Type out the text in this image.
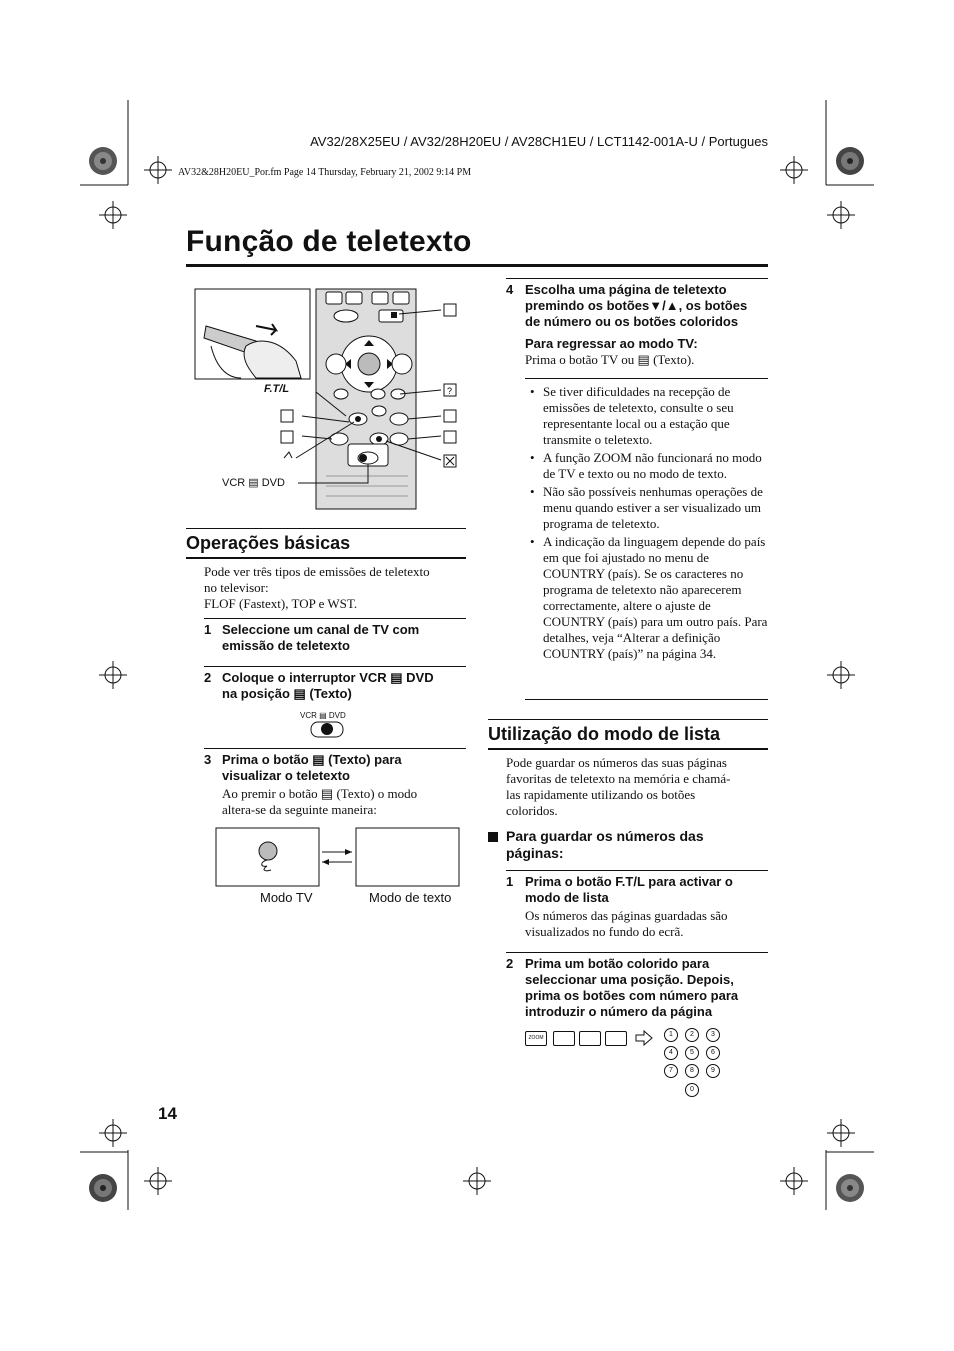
AV32/28X25EU / AV32/28H20EU / AV28CH1EU / LCT1142-001A-U / Portugues
AV32&28H20EU_Por.fm Page 14 Thursday, February 21, 2002 9:14 PM
Função de teletexto
?
F.T/L
VCR ▤ DVD
Operações básicas
Pode ver três tipos de emissões de teletexto
no televisor:
FLOF (Fastext), TOP e WST.
1 Seleccione um canal de TV com
emissão de teletexto
2 Coloque o interruptor VCR ▤ DVD
na posição ▤ (Texto)
VCR ▤ DVD
3 Prima o botão ▤ (Texto) para
visualizar o teletexto
Ao premir o botão ▤ (Texto) o modo
altera-se da seguinte maneira:
Modo TV	Modo de texto
4 Escolha uma página de teletexto
premindo os botões▼/▲, os botões
de número ou os botões coloridos
Para regressar ao modo TV:
Prima o botão TV ou ▤ (Texto).
• Se tiver dificuldades na recepção de emissões de teletexto, consulte o seu representante local ou a estação que transmite o teletexto.
• A função ZOOM não funcionará no modo de TV e texto ou no modo de texto.
• Não são possíveis nenhumas operações de menu quando estiver a ser visualizado um programa de teletexto.
• A indicação da linguagem depende do país em que foi ajustado no menu de COUNTRY (país). Se os caracteres no programa de teletexto não aparecerem correctamente, altere o ajuste de COUNTRY (país) para um outro país. Para detalhes, veja “Alterar a definição COUNTRY (país)” na página 34.
Utilização do modo de lista
Pode guardar os números das suas páginas
favoritas de teletexto na memória e chamá-
las rapidamente utilizando os botões
coloridos.
Para guardar os números das
páginas:
1 Prima o botão F.T/L para activar o
modo de lista
Os números das páginas guardadas são
visualizados no fundo do ecrã.
2 Prima um botão colorido para
seleccionar uma posição. Depois,
prima os botões com número para
introduzir o número da página
ZOOM	1	2	3
4	5	6
7	8	9
0
14
